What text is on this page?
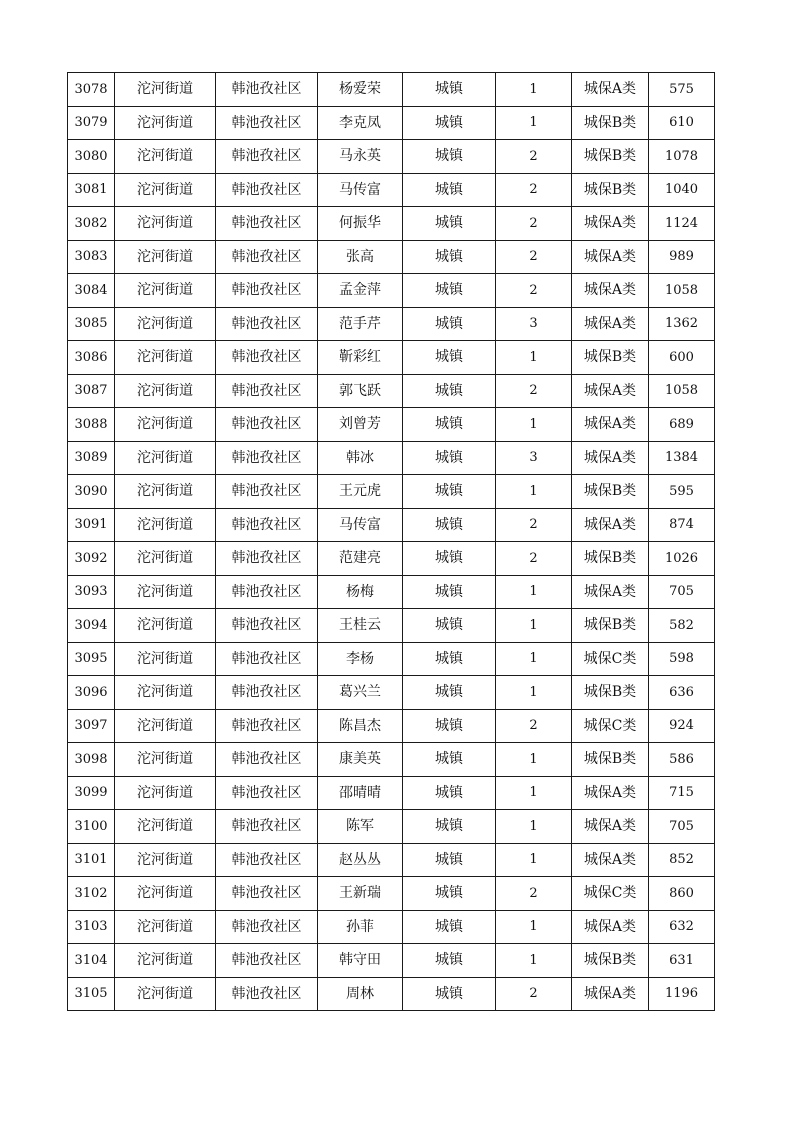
3078	沱河街道	韩池孜社区	杨爱荣	城镇	1	城保A类	575
3079	沱河街道	韩池孜社区	李克凤	城镇	1	城保B类	610
3080	沱河街道	韩池孜社区	马永英	城镇	2	城保B类	1078
3081	沱河街道	韩池孜社区	马传富	城镇	2	城保B类	1040
3082	沱河街道	韩池孜社区	何振华	城镇	2	城保A类	1124
3083	沱河街道	韩池孜社区	张高	城镇	2	城保A类	989
3084	沱河街道	韩池孜社区	孟金萍	城镇	2	城保A类	1058
3085	沱河街道	韩池孜社区	范手芹	城镇	3	城保A类	1362
3086	沱河街道	韩池孜社区	靳彩红	城镇	1	城保B类	600
3087	沱河街道	韩池孜社区	郭飞跃	城镇	2	城保A类	1058
3088	沱河街道	韩池孜社区	刘曾芳	城镇	1	城保A类	689
3089	沱河街道	韩池孜社区	韩冰	城镇	3	城保A类	1384
3090	沱河街道	韩池孜社区	王元虎	城镇	1	城保B类	595
3091	沱河街道	韩池孜社区	马传富	城镇	2	城保A类	874
3092	沱河街道	韩池孜社区	范建亮	城镇	2	城保B类	1026
3093	沱河街道	韩池孜社区	杨梅	城镇	1	城保A类	705
3094	沱河街道	韩池孜社区	王桂云	城镇	1	城保B类	582
3095	沱河街道	韩池孜社区	李杨	城镇	1	城保C类	598
3096	沱河街道	韩池孜社区	葛兴兰	城镇	1	城保B类	636
3097	沱河街道	韩池孜社区	陈昌杰	城镇	2	城保C类	924
3098	沱河街道	韩池孜社区	康美英	城镇	1	城保B类	586
3099	沱河街道	韩池孜社区	邵晴晴	城镇	1	城保A类	715
3100	沱河街道	韩池孜社区	陈军	城镇	1	城保A类	705
3101	沱河街道	韩池孜社区	赵丛丛	城镇	1	城保A类	852
3102	沱河街道	韩池孜社区	王新瑞	城镇	2	城保C类	860
3103	沱河街道	韩池孜社区	孙菲	城镇	1	城保A类	632
3104	沱河街道	韩池孜社区	韩守田	城镇	1	城保B类	631
3105	沱河街道	韩池孜社区	周林	城镇	2	城保A类	1196
